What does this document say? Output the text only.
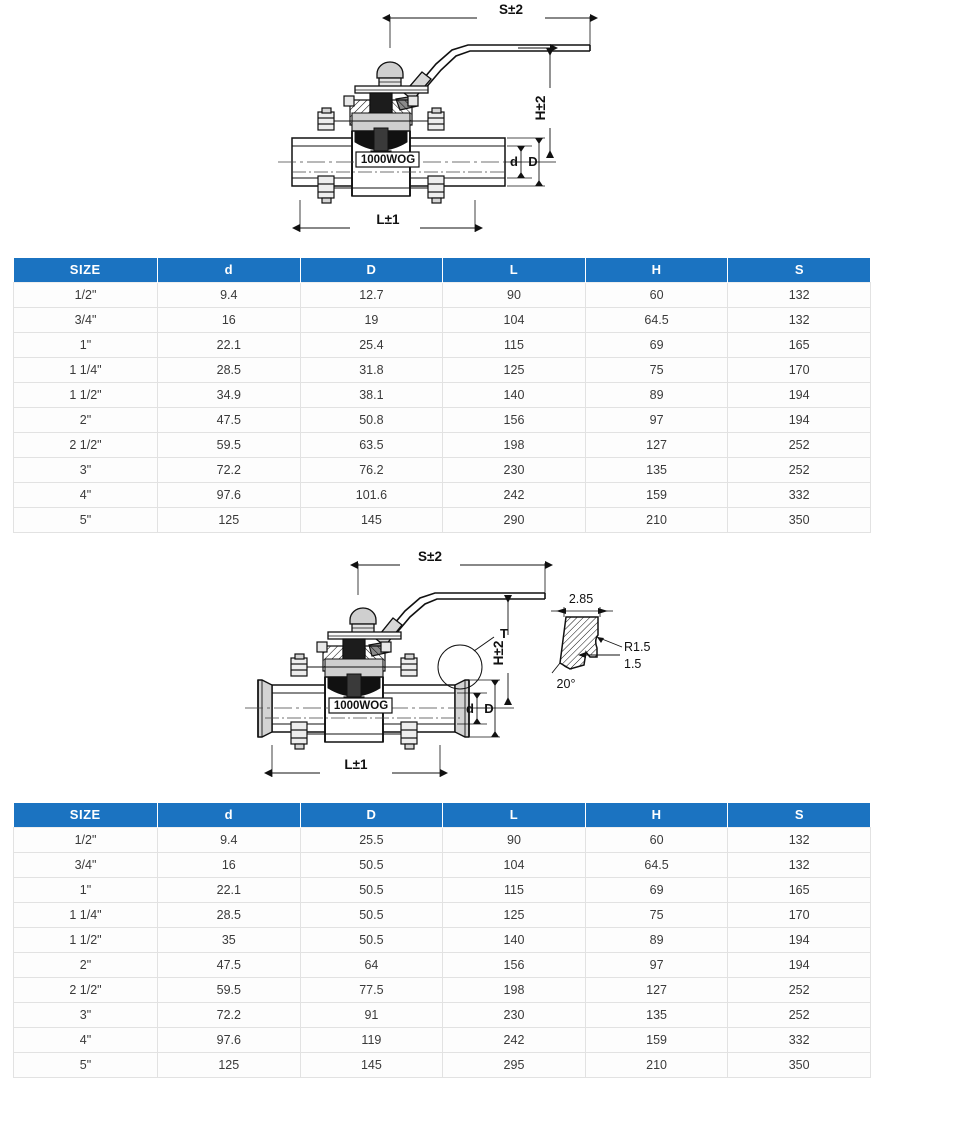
S±2
1000WOG
H±2
d D
L±1
SIZE	d	D	L	H	S
1/2"	9.4	12.7	90	60	132
3/4"	16	19	104	64.5	132
1"	22.1	25.4	115	69	165
1 1/4"	28.5	31.8	125	75	170
1 1/2"	34.9	38.1	140	89	194
2"	47.5	50.8	156	97	194
2 1/2"	59.5	63.5	198	127	252
3"	72.2	76.2	230	135	252
4"	97.6	101.6	242	159	332
5"	125	145	290	210	350
S±2
1000WOG
T
H±2
d D
L±1
2.85
R1.5
1.5
20°
SIZE	d	D	L	H	S
1/2"	9.4	25.5	90	60	132
3/4"	16	50.5	104	64.5	132
1"	22.1	50.5	115	69	165
1 1/4"	28.5	50.5	125	75	170
1 1/2"	35	50.5	140	89	194
2"	47.5	64	156	97	194
2 1/2"	59.5	77.5	198	127	252
3"	72.2	91	230	135	252
4"	97.6	119	242	159	332
5"	125	145	295	210	350
